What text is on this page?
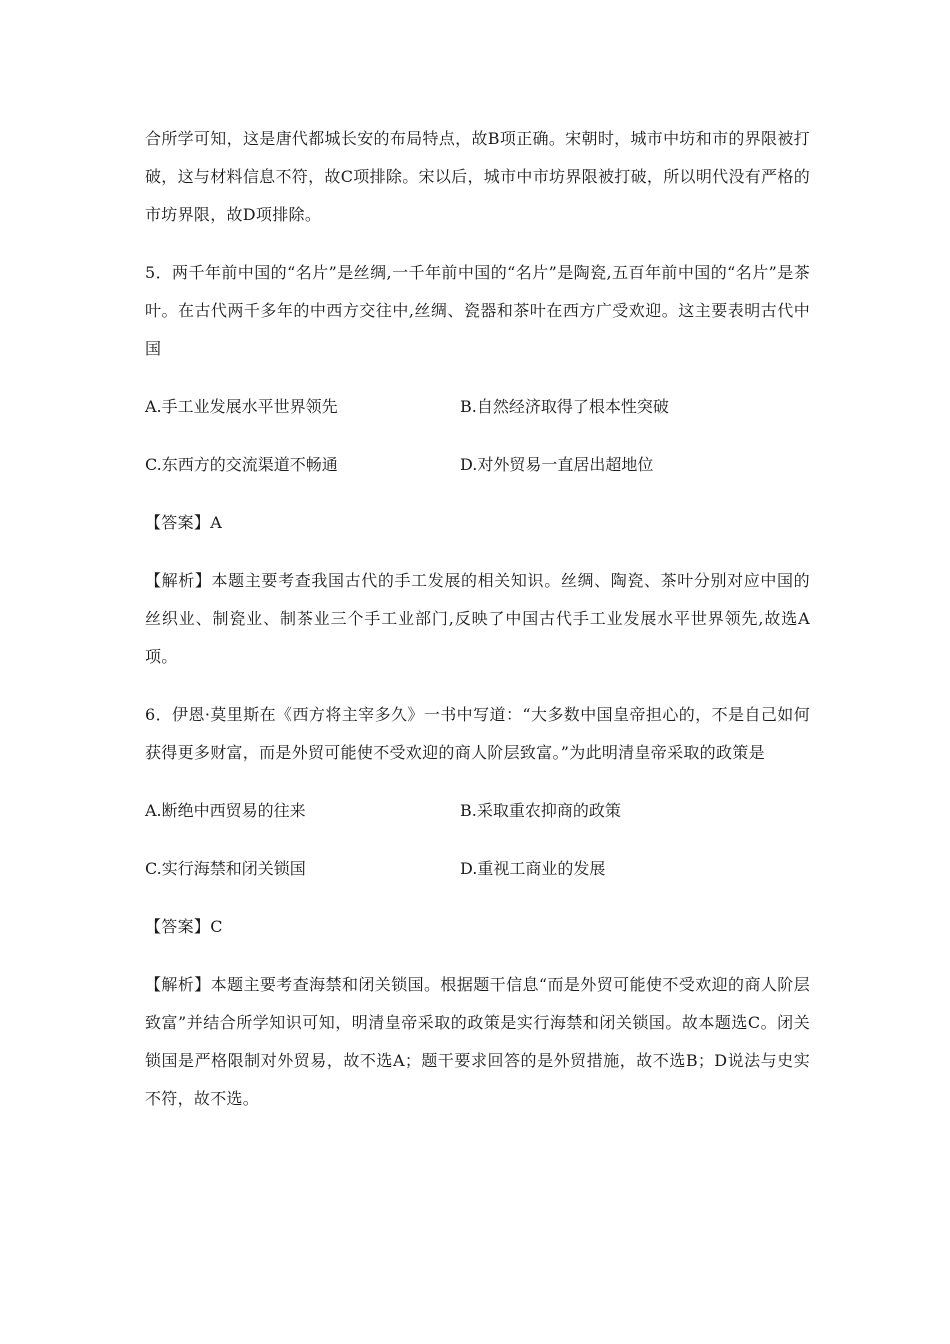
合所学可知，这是唐代都城长安的布局特点，故B项正确。宋朝时，城市中坊和市的界限被打破，这与材料信息不符，故C项排除。宋以后，城市中市坊界限被打破，所以明代没有严格的市坊界限，故D项排除。

5．两千年前中国的“名片”是丝绸,一千年前中国的“名片”是陶瓷,五百年前中国的“名片”是茶叶。在古代两千多年的中西方交往中,丝绸、瓷器和茶叶在西方广受欢迎。这主要表明古代中国

A.手工业发展水平世界领先	B.自然经济取得了根本性突破
C.东西方的交流渠道不畅通	D.对外贸易一直居出超地位

【答案】A

【解析】本题主要考查我国古代的手工发展的相关知识。丝绸、陶瓷、茶叶分别对应中国的丝织业、制瓷业、制茶业三个手工业部门,反映了中国古代手工业发展水平世界领先,故选A项。

6．伊恩·莫里斯在《西方将主宰多久》一书中写道：“大多数中国皇帝担心的，不是自己如何获得更多财富，而是外贸可能使不受欢迎的商人阶层致富。”为此明清皇帝采取的政策是

A.断绝中西贸易的往来	B.采取重农抑商的政策
C.实行海禁和闭关锁国	D.重视工商业的发展

【答案】C

【解析】本题主要考查海禁和闭关锁国。根据题干信息“而是外贸可能使不受欢迎的商人阶层致富”并结合所学知识可知，明清皇帝采取的政策是实行海禁和闭关锁国。故本题选C。闭关锁国是严格限制对外贸易，故不选A；题干要求回答的是外贸措施，故不选B；D说法与史实不符，故不选。
